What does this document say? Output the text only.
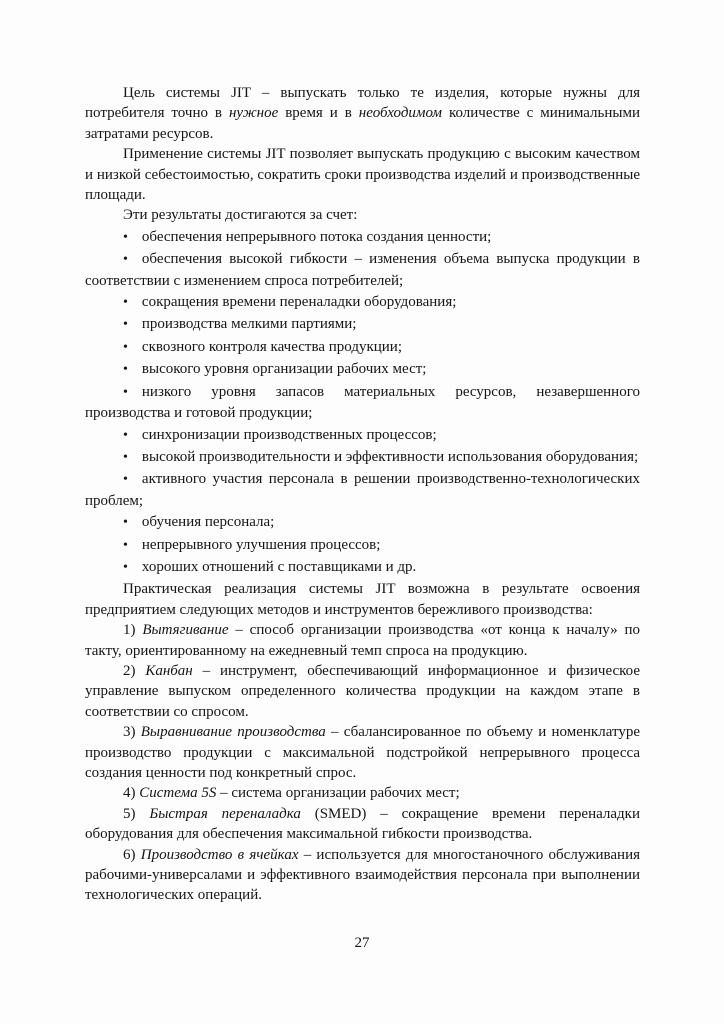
Цель системы JIT – выпускать только те изделия, которые нужны для потребителя точно в нужное время и в необходимом количестве с минимальными затратами ресурсов.

Применение системы JIT позволяет выпускать продукцию с высоким качеством и низкой себестоимостью, сократить сроки производства изделий и производственные площади.

Эти результаты достигаются за счет:

• обеспечения непрерывного потока создания ценности;

• обеспечения высокой гибкости – изменения объема выпуска продукции в соответствии с изменением спроса потребителей;

• сокращения времени переналадки оборудования;

• производства мелкими партиями;

• сквозного контроля качества продукции;

• высокого уровня организации рабочих мест;

• низкого уровня запасов материальных ресурсов, незавершенного производства и готовой продукции;

• синхронизации производственных процессов;

• высокой производительности и эффективности использования оборудования;

• активного участия персонала в решении производственно-технологических проблем;

• обучения персонала;

• непрерывного улучшения процессов;

• хороших отношений с поставщиками и др.

Практическая реализация системы JIT возможна в результате освоения предприятием следующих методов и инструментов бережливого производства:

1) Вытягивание – способ организации производства «от конца к началу» по такту, ориентированному на ежедневный темп спроса на продукцию.

2) Канбан – инструмент, обеспечивающий информационное и физическое управление выпуском определенного количества продукции на каждом этапе в соответствии со спросом.

3) Выравнивание производства – сбалансированное по объему и номенклатуре производство продукции с максимальной подстройкой непрерывного процесса создания ценности под конкретный спрос.

4) Система 5S – система организации рабочих мест;

5) Быстрая переналадка (SMED) – сокращение времени переналадки оборудования для обеспечения максимальной гибкости производства.

6) Производство в ячейках – используется для многостаночного обслуживания рабочими-универсалами и эффективного взаимодействия персонала при выполнении технологических операций.

27
